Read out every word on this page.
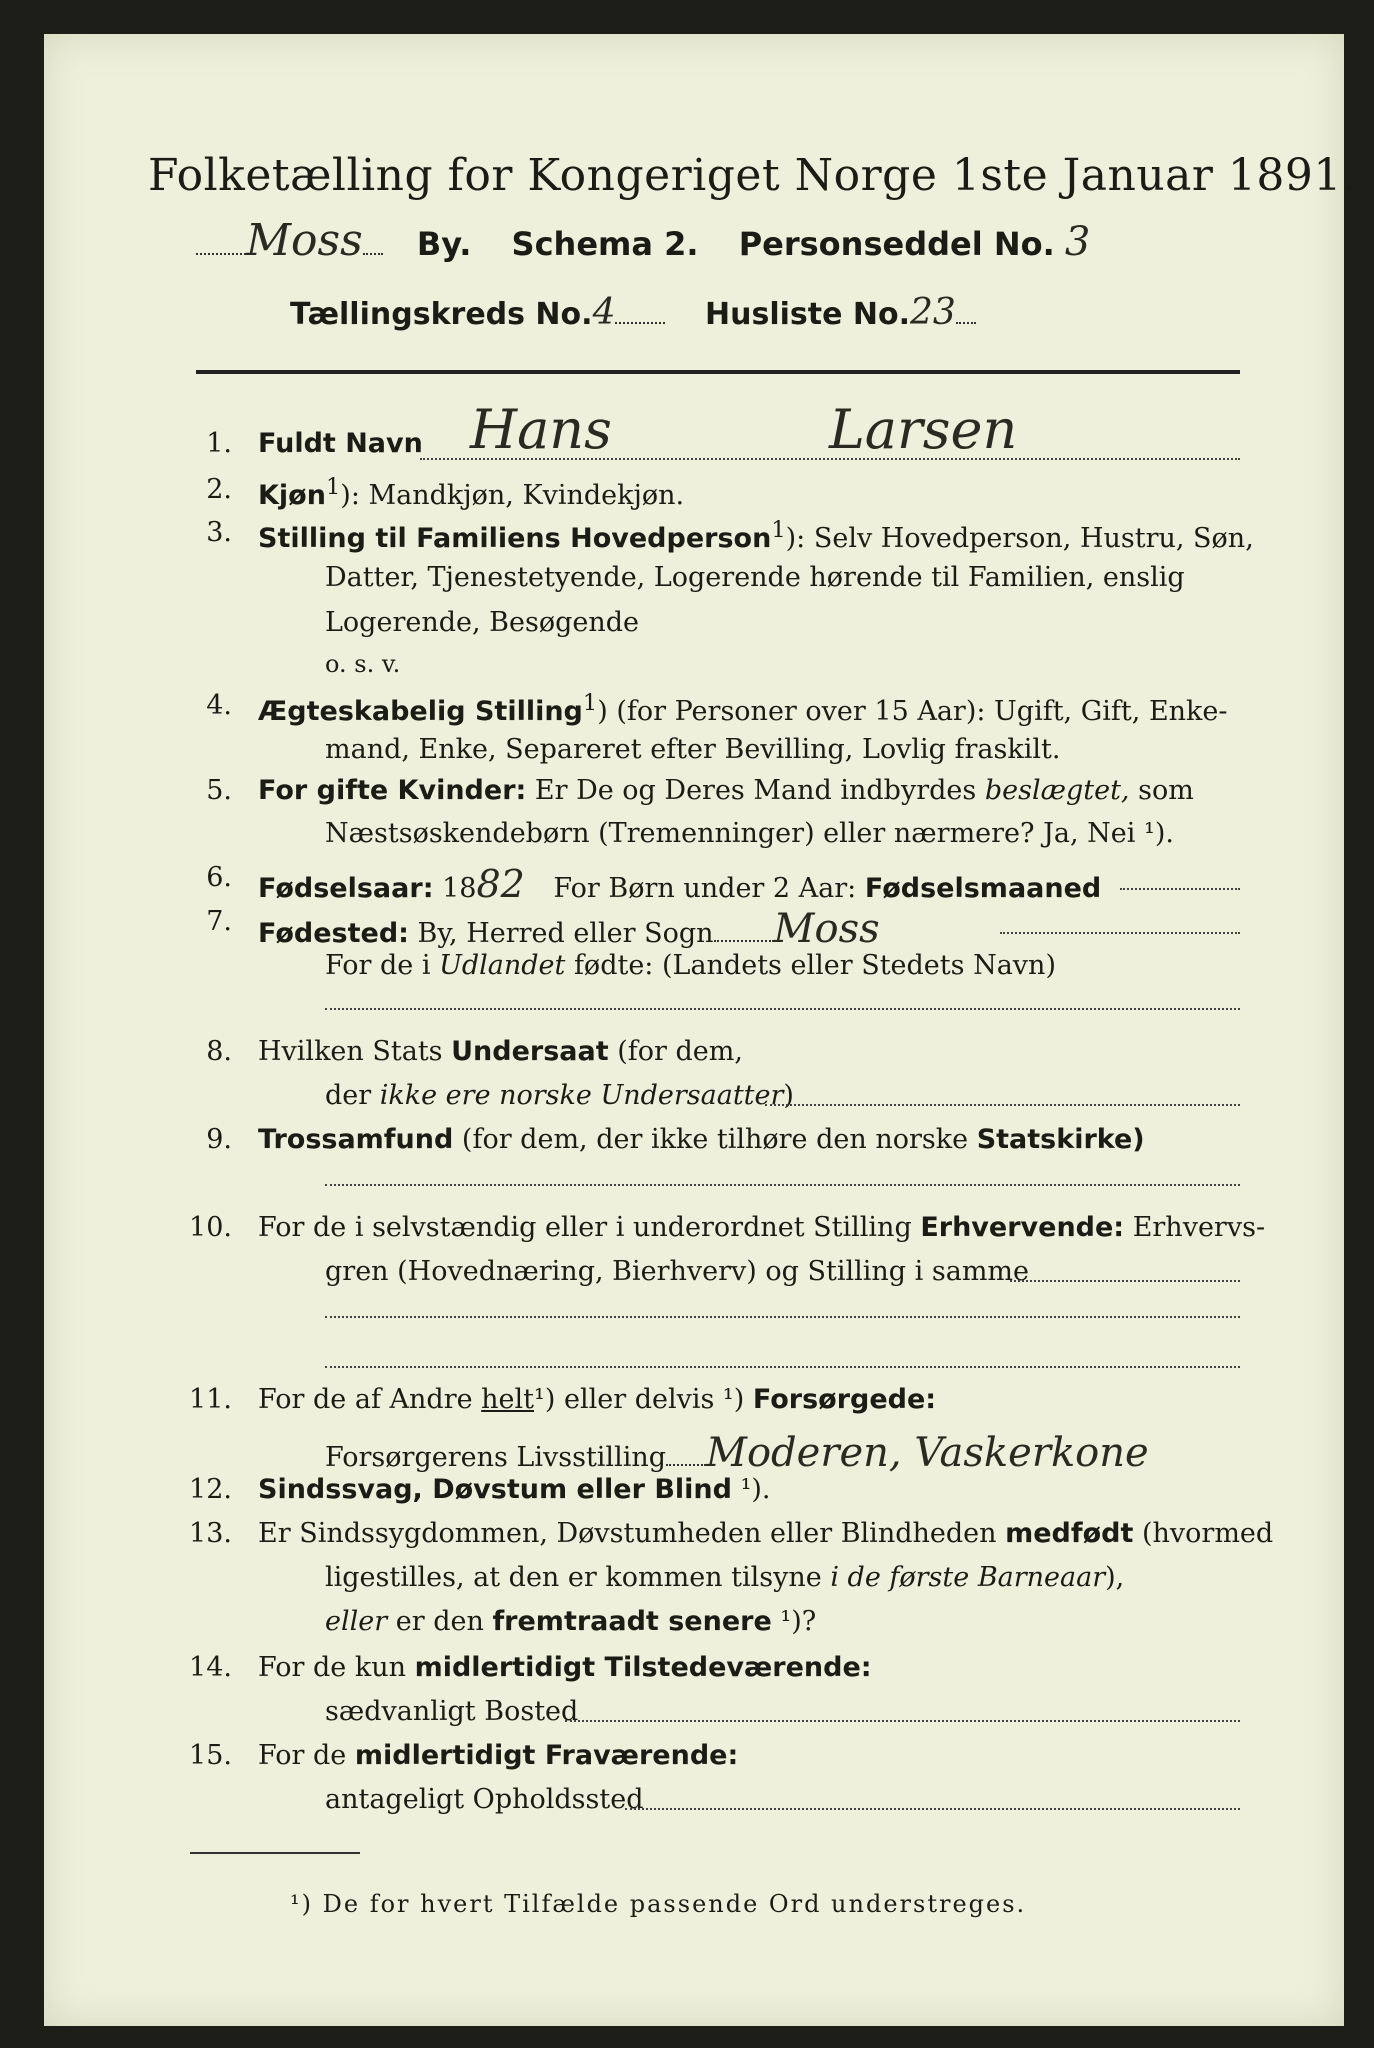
Folketælling for Kongeriget Norge 1ste Januar 1891.
Moss By. Schema 2. Personseddel No. 3
Tællingskreds No.4	Husliste No.23
1. Fuldt Navn Hans Larsen
2. Kjøn$^1$): Mandkjøn, Kvindekjøn.
3. Stilling til Familiens Hovedperson$^1$): Selv Hovedperson, Hustru, Søn,
Datter, Tjenestetyende, Logerende hørende til Familien, enslig
Logerende, Besøgende
o. s. v.
4. Ægteskabelig Stilling$^1$) (for Personer over 15 Aar): Ugift, Gift, Enke-
mand, Enke, Separeret efter Bevilling, Lovlig fraskilt.
5. For gifte Kvinder: Er De og Deres Mand indbyrdes beslægtet, som
Næstsøskendebørn (Tremenninger) eller nærmere? Ja, Nei ¹).
6. Fødselsaar: 1882 For Børn under 2 Aar: Fødselsmaaned
7. Fødested: By, Herred eller Sogn Moss
For de i Udlandet fødte: (Landets eller Stedets Navn)
8. Hvilken Stats Undersaat (for dem,
der ikke ere norske Undersaatter)
9. Trossamfund (for dem, der ikke tilhøre den norske Statskirke)
10. For de i selvstændig eller i underordnet Stilling Erhvervende: Erhvervs-
gren (Hovednæring, Bierhverv) og Stilling i samme
11. For de af Andre helt¹) eller delvis ¹) Forsørgede:
Forsørgerens Livsstilling Moderen, Vaskerkone
12. Sindssvag, Døvstum eller Blind ¹).
13. Er Sindssygdommen, Døvstumheden eller Blindheden medfødt (hvormed
ligestilles, at den er kommen tilsyne i de første Barneaar),
eller er den fremtraadt senere ¹)?
14. For de kun midlertidigt Tilstedeværende:
sædvanligt Bosted
15. For de midlertidigt Fraværende:
antageligt Opholdssted
¹) De for hvert Tilfælde passende Ord understreges.
